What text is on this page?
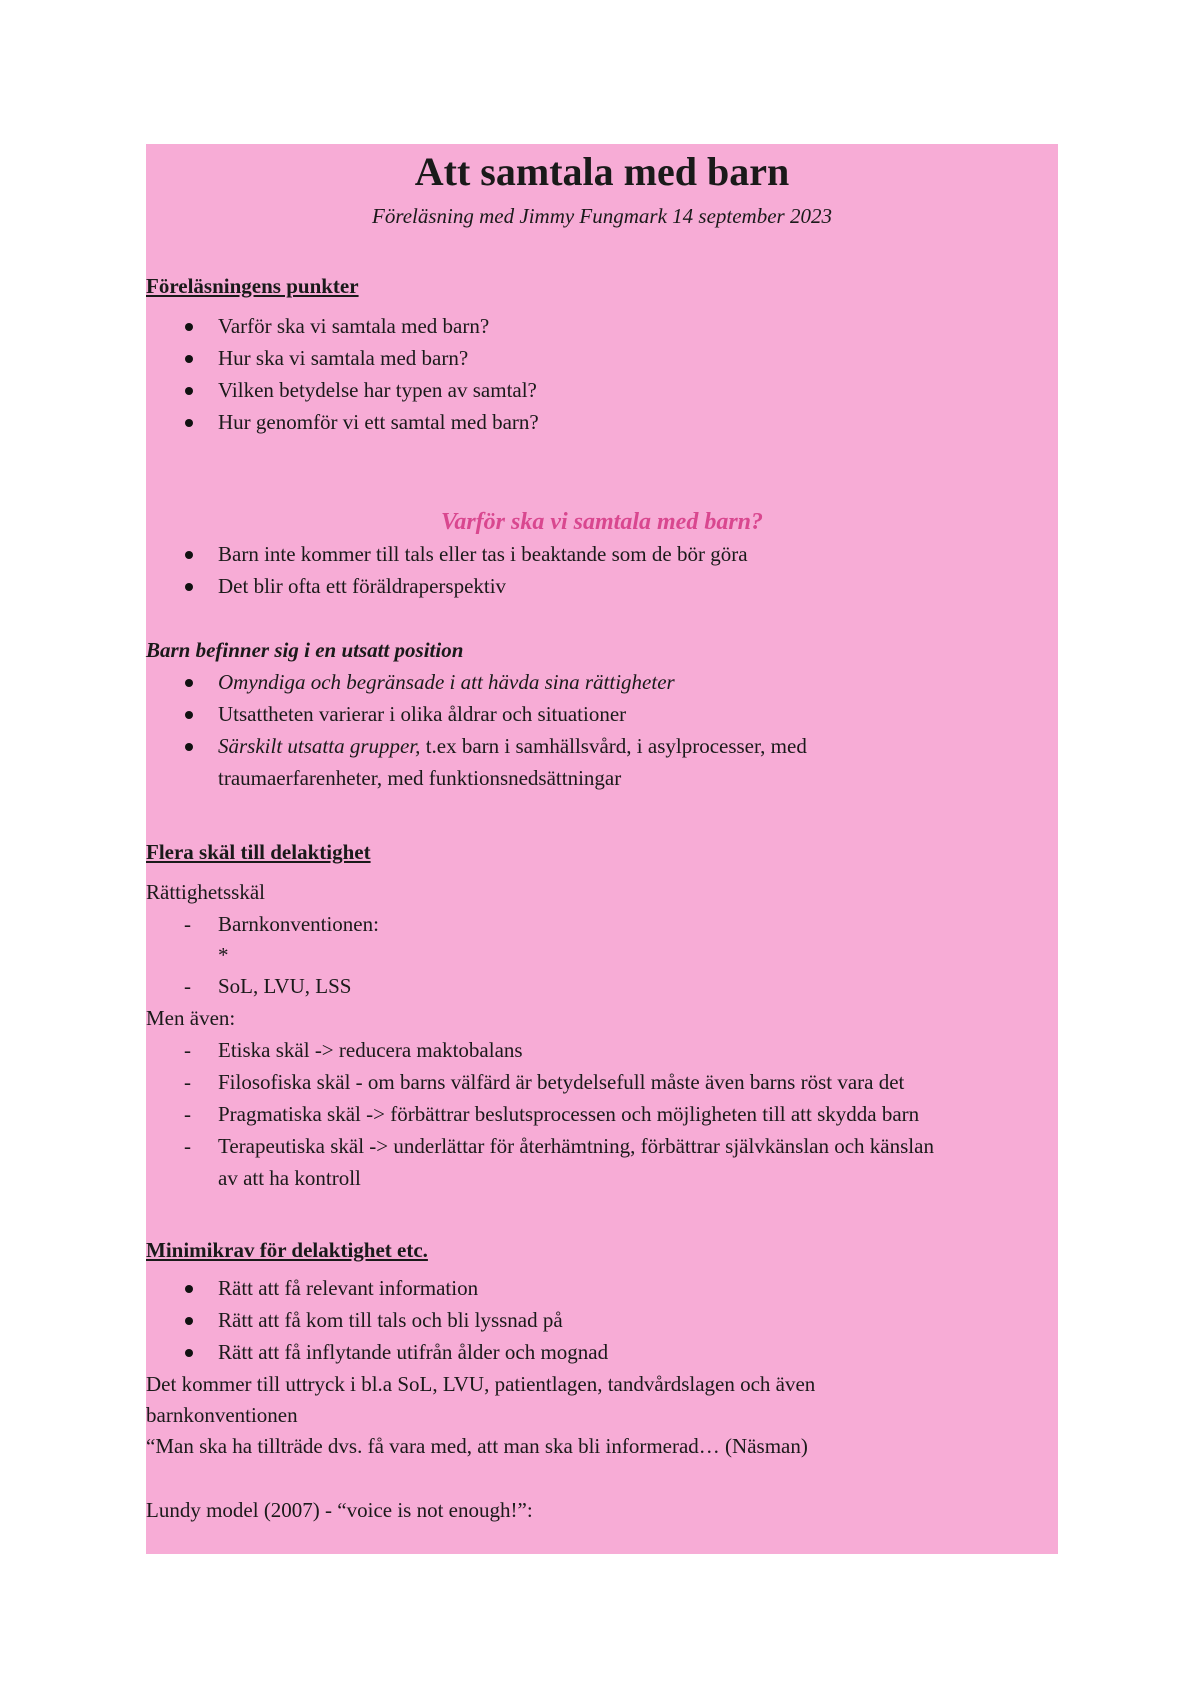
Att samtala med barn
Föreläsning med Jimmy Fungmark 14 september 2023
Föreläsningens punkter
Varför ska vi samtala med barn?
Hur ska vi samtala med barn?
Vilken betydelse har typen av samtal?
Hur genomför vi ett samtal med barn?
Varför ska vi samtala med barn?
Barn inte kommer till tals eller tas i beaktande som de bör göra
Det blir ofta ett föräldraperspektiv
Barn befinner sig i en utsatt position
Omyndiga och begränsade i att hävda sina rättigheter
Utsattheten varierar i olika åldrar och situationer
Särskilt utsatta grupper, t.ex barn i samhällsvård, i asylprocesser, med
traumaerfarenheter, med funktionsnedsättningar
Flera skäl till delaktighet
Rättighetsskäl
- Barnkonventionen:
*
- SoL, LVU, LSS
Men även:
- Etiska skäl -> reducera maktobalans
- Filosofiska skäl - om barns välfärd är betydelsefull måste även barns röst vara det
- Pragmatiska skäl -> förbättrar beslutsprocessen och möjligheten till att skydda barn
- Terapeutiska skäl -> underlättar för återhämtning, förbättrar självkänslan och känslan
av att ha kontroll
Minimikrav för delaktighet etc.
Rätt att få relevant information
Rätt att få kom till tals och bli lyssnad på
Rätt att få inflytande utifrån ålder och mognad
Det kommer till uttryck i bl.a SoL, LVU, patientlagen, tandvårdslagen och även
barnkonventionen
“Man ska ha tillträde dvs. få vara med, att man ska bli informerad… (Näsman)
Lundy model (2007) - “voice is not enough!”:
